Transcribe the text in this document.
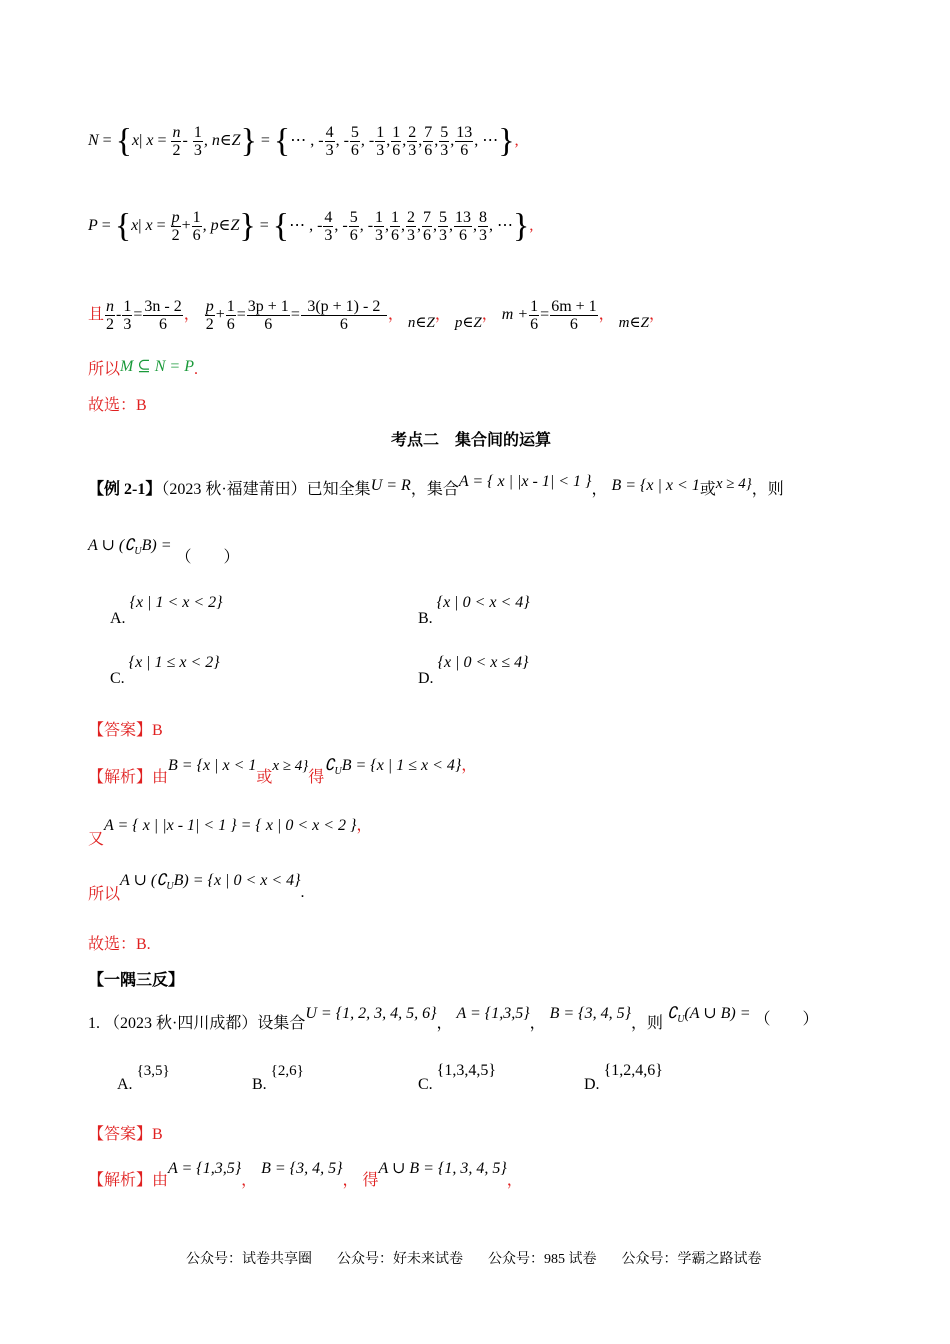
N = {x| $x = \frac{n}{2} - \frac{1}{3}$ , n∈Z} = {⋯ , - $\frac{4}{3}$ , - $\frac{5}{6}$ , - $\frac{1}{3}$ , $\frac{1}{6}$ , $\frac{2}{3}$ , $\frac{7}{6}$ , $\frac{5}{3}$ , $\frac{13}{6}$ , ⋯},
P = {x| $x = \frac{p}{2} + \frac{1}{6}$ , p∈Z} = {⋯ , - $\frac{4}{3}$ , - $\frac{5}{6}$ , - $\frac{1}{3}$ , $\frac{1}{6}$ , $\frac{2}{3}$ , $\frac{7}{6}$ , $\frac{5}{3}$ , $\frac{13}{6}$ , $\frac{8}{3}$ , ⋯},
且 $\frac{n}{2} - \frac{1}{3} = \frac{3n - 2}{6}$ ， $\frac{p}{2} + \frac{1}{6} = \frac{3p + 1}{6} = \frac{3(p + 1) - 2}{6}$ ， n∈Z， p∈Z， $m + \frac{1}{6} = \frac{6m + 1}{6}$ ， m∈Z，
所以M ⊆ N = P.
故选：B
考点二　集合间的运算
【例 2-1】（2023 秋·福建莆田）已知全集U = R，集合A = { x | |x - 1| < 1 }， B = {x | x < 1或x ≥ 4}，则
A ∪ $(∁_UB)$ = （　　）
A. {x | 1 < x < 2}
B. {x | 0 < x < 4}
C. {x | 1 ≤ x < 2}
D. {x | 0 < x ≤ 4}
【答案】B
【解析】由B = {x | x < 1或x ≥ 4}得$∁_UB = \{x$ | 1 ≤ x < 4}，
又A = { x | |x - 1| < 1 } = { x | 0 < x < 2 }，
所以A ∪ $(∁_UB) = \{x$ | 0 < x < 4}.
故选：B.
【一隅三反】
1. （2023 秋·四川成都）设集合U = {1, 2, 3, 4, 5, 6}， A = {1,3,5}， B = {3, 4, 5}，则 $∁_U(A$ ∪ B) = （　　）
A. {3,5}
B. {2,6}
C. {1,3,4,5}
D. {1,2,4,6}
【答案】B
【解析】由A = {1,3,5}， B = {3, 4, 5}， 得A ∪ B = {1, 3, 4, 5}，
公众号：试卷共享圈 公众号：好未来试卷 公众号：985 试卷 公众号：学霸之路试卷
